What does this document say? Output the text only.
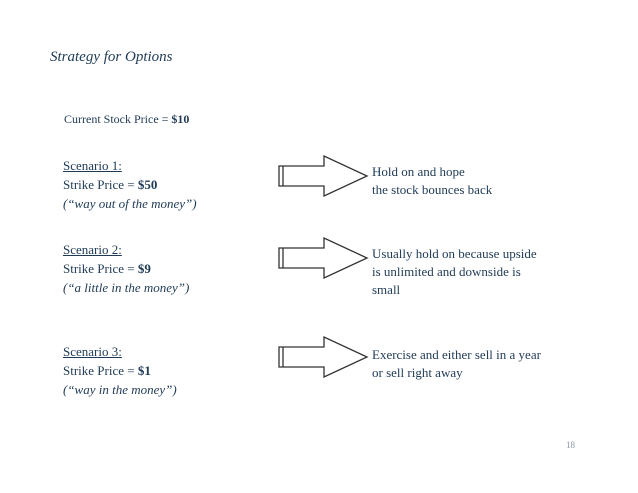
Strategy for Options
Current Stock Price = $10
Scenario 1:
Strike Price = $50
(“way out of the money”)
Hold on and hope
the stock bounces back
Scenario 2:
Strike Price = $9
(“a little in the money”)
Usually hold on because upside
is unlimited and downside is
small
Scenario 3:
Strike Price = $1
(“way in the money”)
Exercise and either sell in a year
or sell right away
18
